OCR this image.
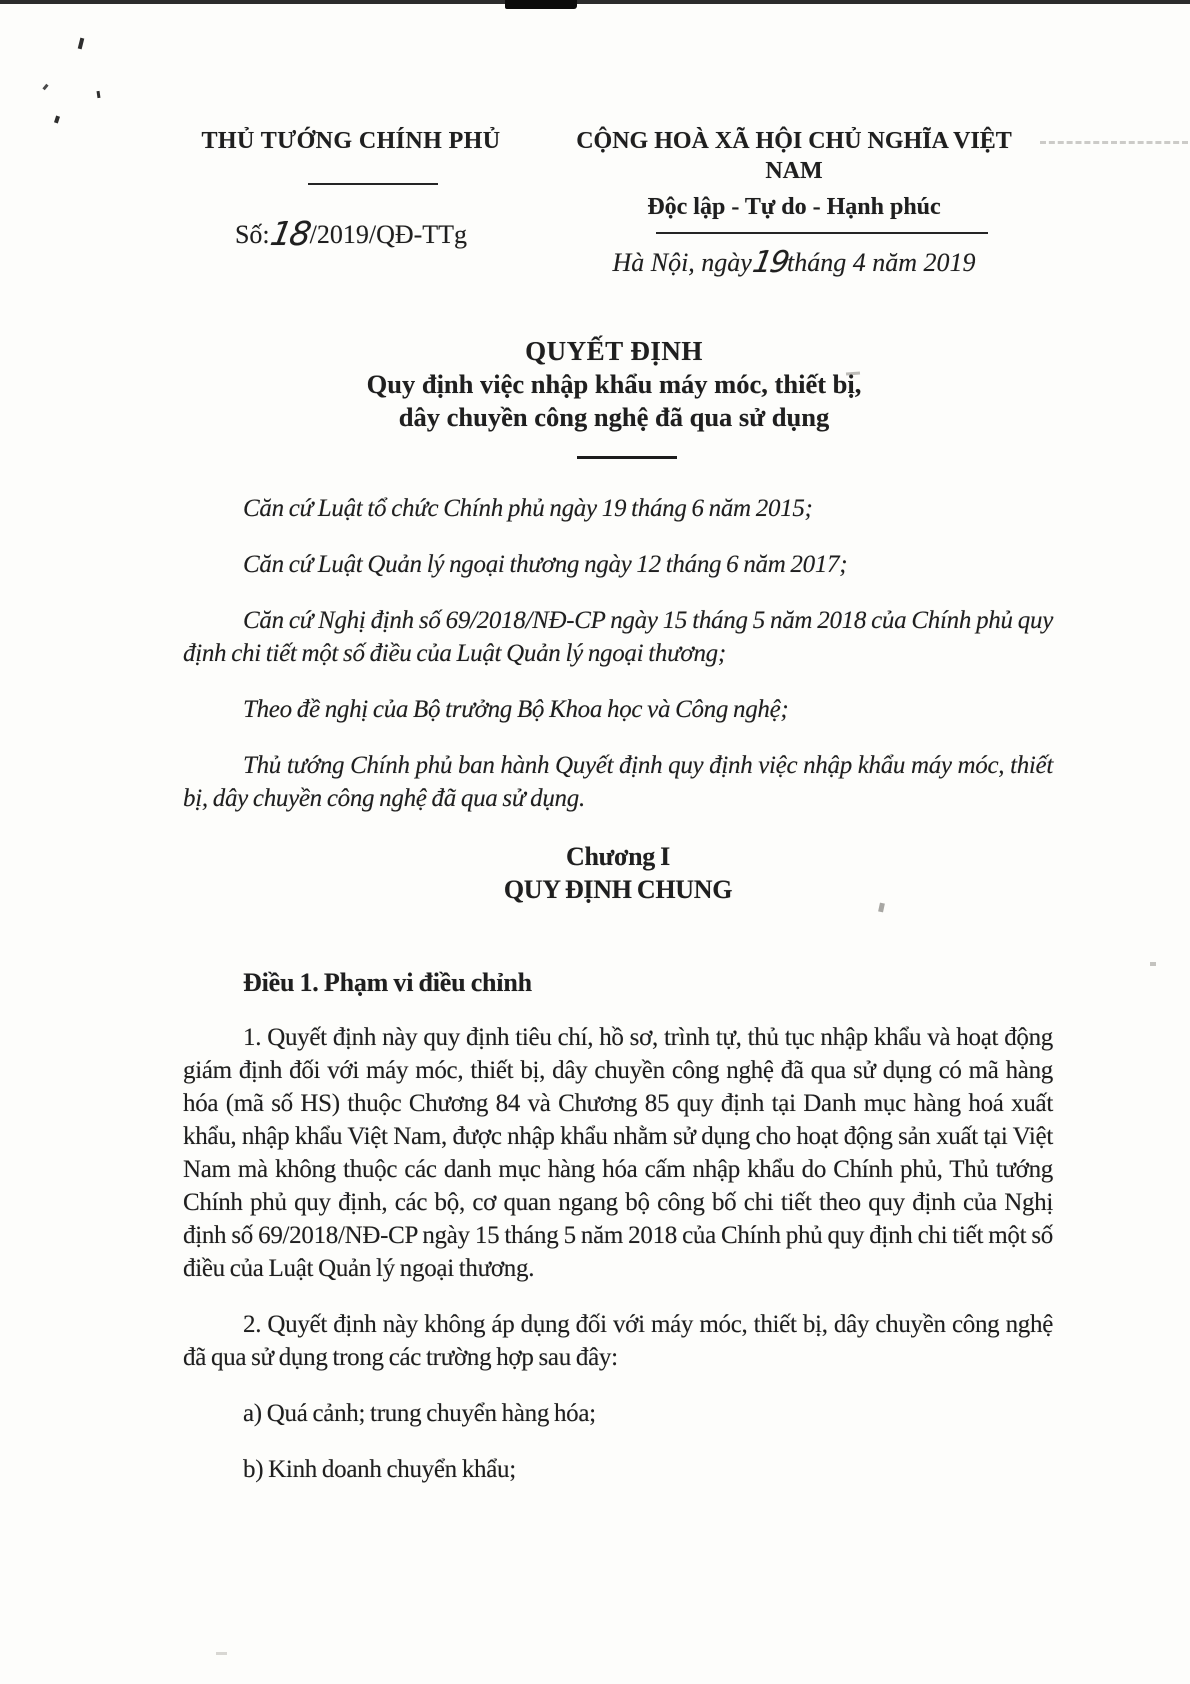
THỦ TƯỚNG CHÍNH PHỦ
Số:18/2019/QĐ-TTg
CỘNG HOÀ XÃ HỘI CHỦ NGHĨA VIỆT NAM
Độc lập - Tự do - Hạnh phúc
Hà Nội, ngày19tháng 4 năm 2019
QUYẾT ĐỊNH
Quy định việc nhập khẩu máy móc, thiết bị,
dây chuyền công nghệ đã qua sử dụng

Căn cứ Luật tổ chức Chính phủ ngày 19 tháng 6 năm 2015;

Căn cứ Luật Quản lý ngoại thương ngày 12 tháng 6 năm 2017;

Căn cứ Nghị định số 69/2018/NĐ-CP ngày 15 tháng 5 năm 2018 của Chính phủ quy định chi tiết một số điều của Luật Quản lý ngoại thương;

Theo đề nghị của Bộ trưởng Bộ Khoa học và Công nghệ;

Thủ tướng Chính phủ ban hành Quyết định quy định việc nhập khẩu máy móc, thiết bị, dây chuyền công nghệ đã qua sử dụng.

Chương I
QUY ĐỊNH CHUNG
Điều 1. Phạm vi điều chỉnh

1. Quyết định này quy định tiêu chí, hồ sơ, trình tự, thủ tục nhập khẩu và hoạt động giám định đối với máy móc, thiết bị, dây chuyền công nghệ đã qua sử dụng có mã hàng hóa (mã số HS) thuộc Chương 84 và Chương 85 quy định tại Danh mục hàng hoá xuất khẩu, nhập khẩu Việt Nam, được nhập khẩu nhằm sử dụng cho hoạt động sản xuất tại Việt Nam mà không thuộc các danh mục hàng hóa cấm nhập khẩu do Chính phủ, Thủ tướng Chính phủ quy định, các bộ, cơ quan ngang bộ công bố chi tiết theo quy định của Nghị định số 69/2018/NĐ-CP ngày 15 tháng 5 năm 2018 của Chính phủ quy định chi tiết một số điều của Luật Quản lý ngoại thương.

2. Quyết định này không áp dụng đối với máy móc, thiết bị, dây chuyền công nghệ đã qua sử dụng trong các trường hợp sau đây:

a) Quá cảnh; trung chuyển hàng hóa;

b) Kinh doanh chuyển khẩu;
